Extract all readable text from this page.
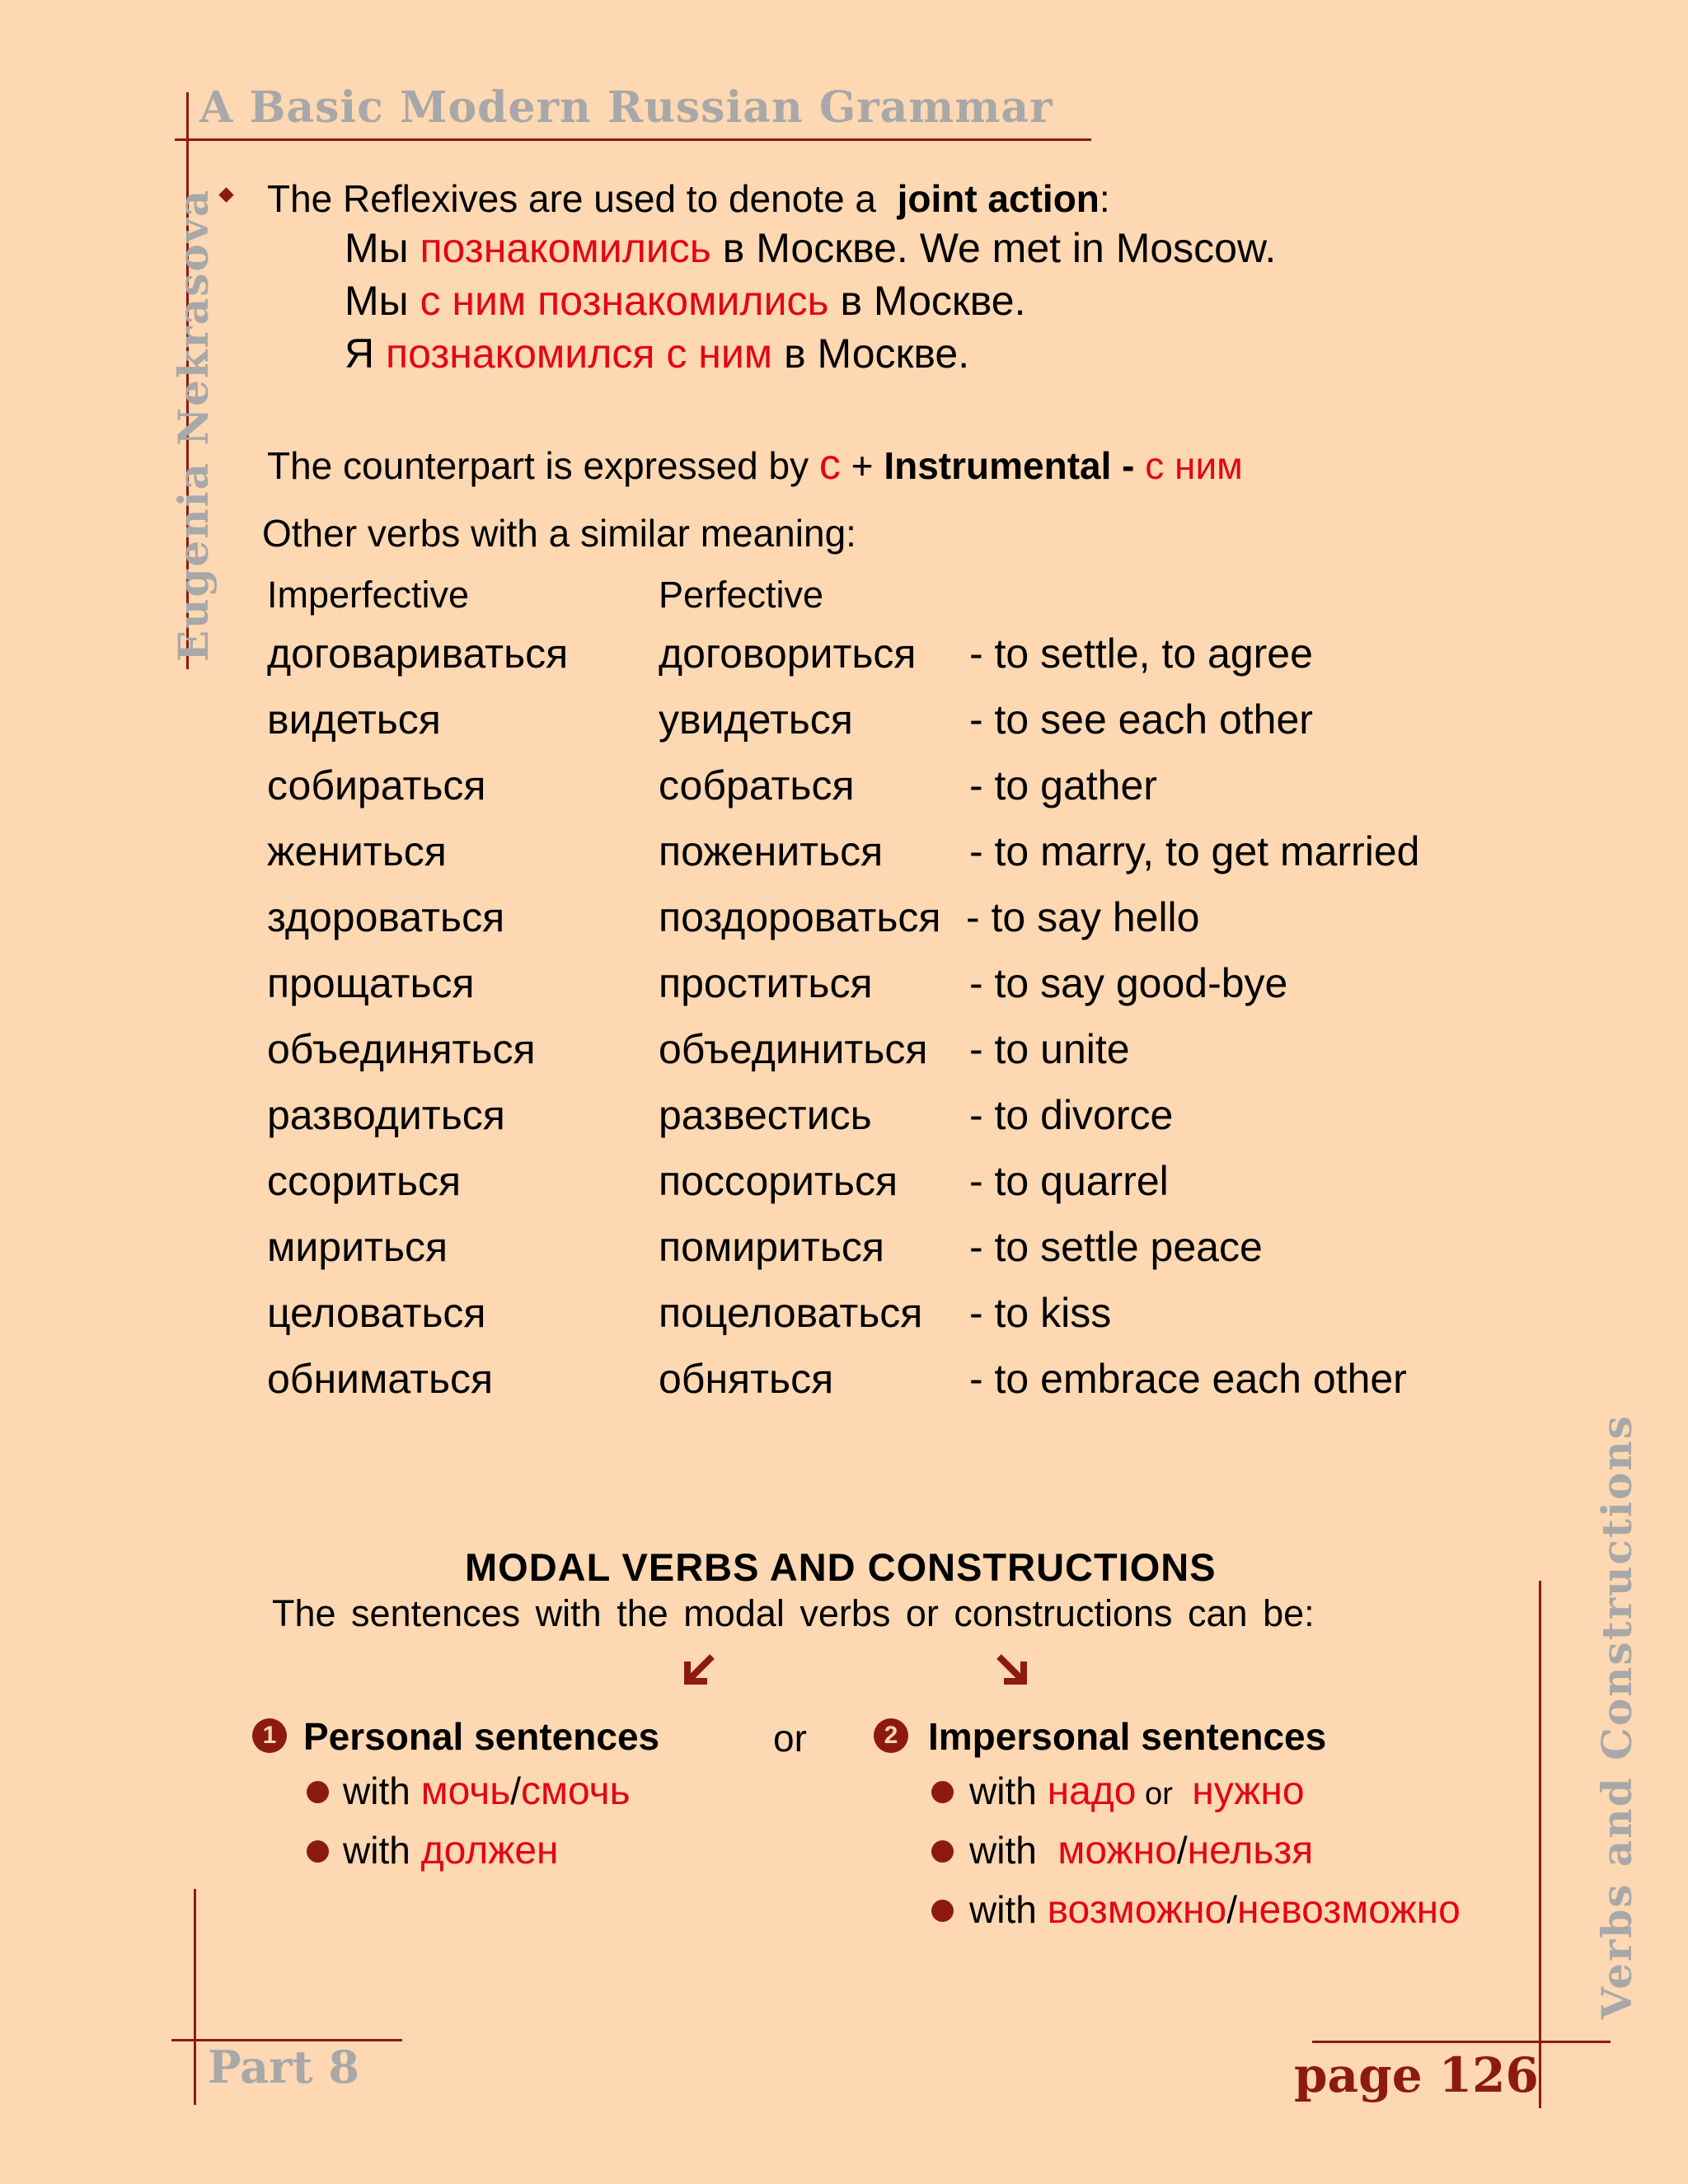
A Basic Modern Russian Grammar
Eugenia Nekrasova
Verbs and Constructions
The Reflexives are used to denote a joint action:
Мы познакомились в Москве. We met in Moscow.
Мы с ним познакомились в Москве.
Я познакомился с ним в Москве.
The counterpart is expressed by с + Instrumental - с ним
Other verbs with a similar meaning:
Imperfective	Perfective
договариваться договориться - to settle, to agree
видеться	увидеться	- to see each other
собираться	собраться	- to gather
жениться	пожениться - to marry, to get married
здороваться	поздороваться - to say hello
прощаться	проститься - to say good-bye
объединяться	объединиться - to unite
разводиться	развестись - to divorce
ссориться	поссориться - to quarrel
мириться	помириться - to settle peace
целоваться	поцеловаться - to kiss
обниматься	обняться	- to embrace each other
MODAL VERBS AND CONSTRUCTIONS
The sentences with the modal verbs or constructions can be:
1 Personal sentences	or
with мочь/смочь
with должен
2 Impersonal sentences
with надо or  нужно
with  можно/нельзя
with возможно/невозможно
Part 8	page 126
